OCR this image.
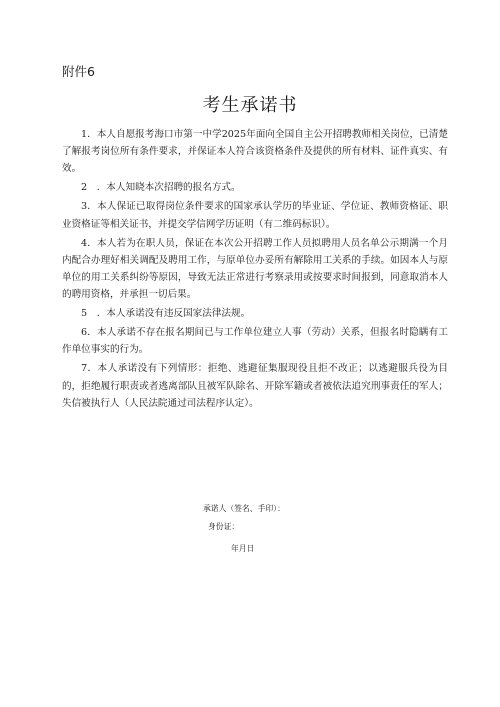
附件6
考生承诺书

1．本人自愿报考海口市第一中学2025年面向全国自主公开招聘教师相关岗位，已清楚了解报考岗位所有条件要求，并保证本人符合该资格条件及提供的所有材料、证件真实、有效。

2　．本人知晓本次招聘的报名方式。

3．本人保证已取得岗位条件要求的国家承认学历的毕业证、学位证、教师资格证、职业资格证等相关证书，并提交学信网学历证明（有二维码标识）。

4．本人若为在职人员，保证在本次公开招聘工作人员拟聘用人员名单公示期满一个月内配合办理好相关调配及聘用工作，与原单位办妥所有解除用工关系的手续。如因本人与原单位的用工关系纠纷等原因，导致无法正常进行考察录用或按要求时间报到，同意取消本人的聘用资格，并承担一切后果。

5　．本人承诺没有违反国家法律法规。

6．本人承诺不存在报名期间已与工作单位建立人事（劳动）关系，但报名时隐瞒有工作单位事实的行为。

7．本人承诺没有下列情形：拒绝、逃避征集服现役且拒不改正；以逃避服兵役为目的，拒绝履行职责或者逃离部队且被军队除名、开除军籍或者被依法追究刑事责任的军人；失信被执行人（人民法院通过司法程序认定）。

承诺人（签名、手印）：
身份证：
年月日
